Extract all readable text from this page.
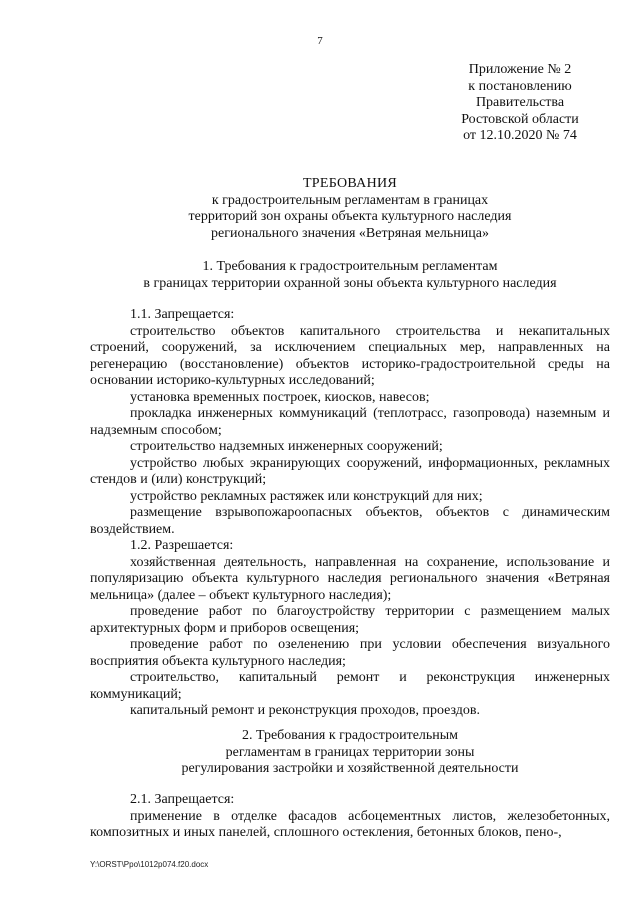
7
Приложение № 2
к постановлению
Правительства
Ростовской области
от 12.10.2020 № 74
ТРЕБОВАНИЯ
к градостроительным регламентам в границах
территорий зон охраны объекта культурного наследия
регионального значения «Ветряная мельница»
1. Требования к градостроительным регламентам
в границах территории охранной зоны объекта культурного наследия

1.1. Запрещается:

строительство объектов капитального строительства и некапитальных строений, сооружений, за исключением специальных мер, направленных на регенерацию (восстановление) объектов историко-градостроительной среды на основании историко-культурных исследований;

установка временных построек, киосков, навесов;

прокладка инженерных коммуникаций (теплотрасс, газопровода) наземным и надземным способом;

строительство надземных инженерных сооружений;

устройство любых экранирующих сооружений, информационных, рекламных стендов и (или) конструкций;

устройство рекламных растяжек или конструкций для них;

размещение взрывопожароопасных объектов, объектов с динамическим воздействием.

1.2. Разрешается:

хозяйственная деятельность, направленная на сохранение, использование и популяризацию объекта культурного наследия регионального значения «Ветряная мельница» (далее – объект культурного наследия);

проведение работ по благоустройству территории с размещением малых архитектурных форм и приборов освещения;

проведение работ по озеленению при условии обеспечения визуального восприятия объекта культурного наследия;

строительство, капитальный ремонт и реконструкция инженерных коммуникаций;

капитальный ремонт и реконструкция проходов, проездов.

2. Требования к градостроительным
регламентам в границах территории зоны
регулирования застройки и хозяйственной деятельности

2.1. Запрещается:

применение в отделке фасадов асбоцементных листов, железобетонных, композитных и иных панелей, сплошного остекления, бетонных блоков, пено-,

Y:\ORST\Ppo\1012p074.f20.docx
